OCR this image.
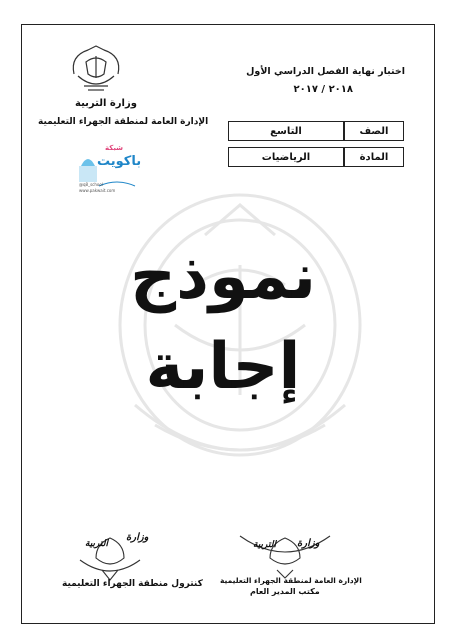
وزارة التربية
الإدارة العامة لمنطقة الجهراء التعليمية
شبكة
باكويت
@q8_school
www.pakwait.com
اختبار نهاية الفصل الدراسي الأول
٢٠١٨ / ٢٠١٧
الصف	التاسع
المادة	الرياضيات
نموذج
إجابة
وزارة
التربية
كنترول منطقة الجهراء التعليمية
وزارة
التربية
الإدارة العامة لمنطقة الجهراء التعليمية
مكتب المدير العام
